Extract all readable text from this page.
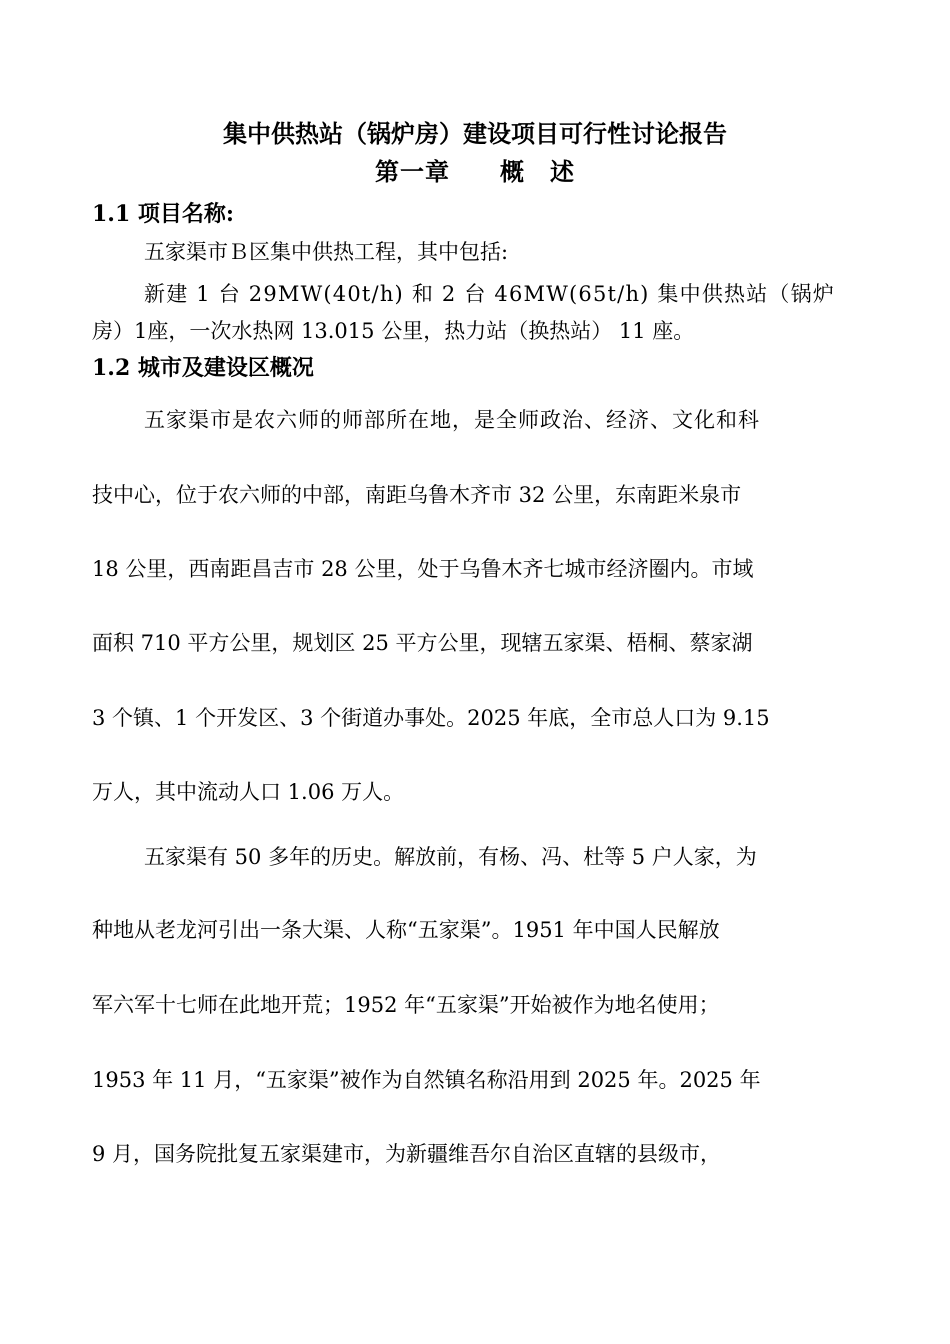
集中供热站（锅炉房）建设项目可行性讨论报告
第一章　　概　述
1.1 项目名称:
五家渠市Ｂ区集中供热工程，其中包括:
新建 1 台 29MW(40t/h) 和 2 台 46MW(65t/h) 集中供热站（锅炉
房）1座，一次水热网 13.015 公里，热力站（换热站） 11 座。
1.2 城市及建设区概况
五家渠市是农六师的师部所在地，是全师政治、经济、文化和科
技中心，位于农六师的中部，南距乌鲁木齐市 32 公里，东南距米泉市
18 公里，西南距昌吉市 28 公里，处于乌鲁木齐七城市经济圈内。市域
面积 710 平方公里，规划区 25 平方公里，现辖五家渠、梧桐、蔡家湖
3 个镇、1 个开发区、3 个街道办事处。2025 年底，全市总人口为 9.15
万人，其中流动人口 1.06 万人。
五家渠有 50 多年的历史。解放前，有杨、冯、杜等 5 户人家，为
种地从老龙河引出一条大渠、人称“五家渠”。1951 年中国人民解放
军六军十七师在此地开荒；1952 年“五家渠”开始被作为地名使用；
1953 年 11 月，“五家渠”被作为自然镇名称沿用到 2025 年。2025 年
9 月，国务院批复五家渠建市，为新疆维吾尔自治区直辖的县级市，
